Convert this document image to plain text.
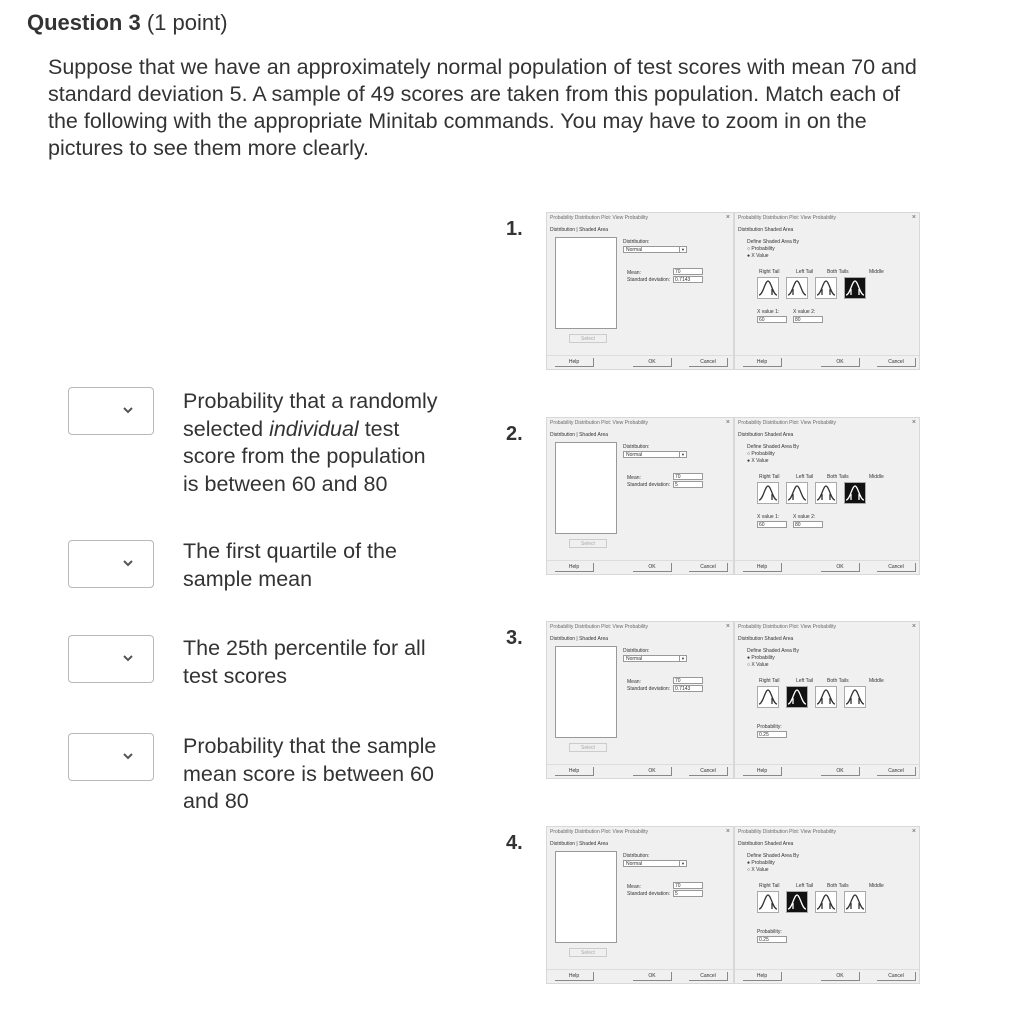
Question 3 (1 point)
Suppose that we have an approximately normal population of test scores with mean 70 and standard deviation 5. A sample of 49 scores are taken from this population. Match each of the following with the appropriate Minitab commands. You may have to zoom in on the pictures to see them more clearly.
Probability that a randomly
selected individual test
score from the population
is between 60 and 80
The first quartile of the
sample mean
The 25th percentile for all
test scores
Probability that the sample
mean score is between 60
and 80
1.	Probability Distribution Plot: View Probability	×
Distribution | Shaded Area
Distribution:
Normal	▼
Mean:	70
Standard deviation: 0.7143
Select
Help	OK	Cancel
Probability Distribution Plot: View Probability	×
Distribution Shaded Area
Define Shaded Area By
○ Probability
● X Value
Right Tail	Left Tail	Both Tails	Middle
X value 1:	X value 2:
60	80
Help	OK	Cancel
2.	Probability Distribution Plot: View Probability	×
Distribution | Shaded Area
Distribution:
Normal	▼
Mean:	70
Standard deviation: 5
Select
Help	OK	Cancel
Probability Distribution Plot: View Probability	×
Distribution Shaded Area
Define Shaded Area By
○ Probability
● X Value
Right Tail	Left Tail	Both Tails	Middle
X value 1:	X value 2:
60	80
Help	OK	Cancel
3.	Probability Distribution Plot: View Probability	×
Distribution | Shaded Area
Distribution:
Normal	▼
Mean:	70
Standard deviation: 0.7143
Select
Help	OK	Cancel
Probability Distribution Plot: View Probability	×
Distribution Shaded Area
Define Shaded Area By
● Probability
○ X Value
Right Tail	Left Tail	Both Tails	Middle
Probability:
0.25
Help	OK	Cancel
4.	Probability Distribution Plot: View Probability	×
Distribution | Shaded Area
Distribution:
Normal	▼
Mean:	70
Standard deviation: 5
Select
Help	OK	Cancel
Probability Distribution Plot: View Probability	×
Distribution Shaded Area
Define Shaded Area By
● Probability
○ X Value
Right Tail	Left Tail	Both Tails	Middle
Probability:
0.25
Help	OK	Cancel
